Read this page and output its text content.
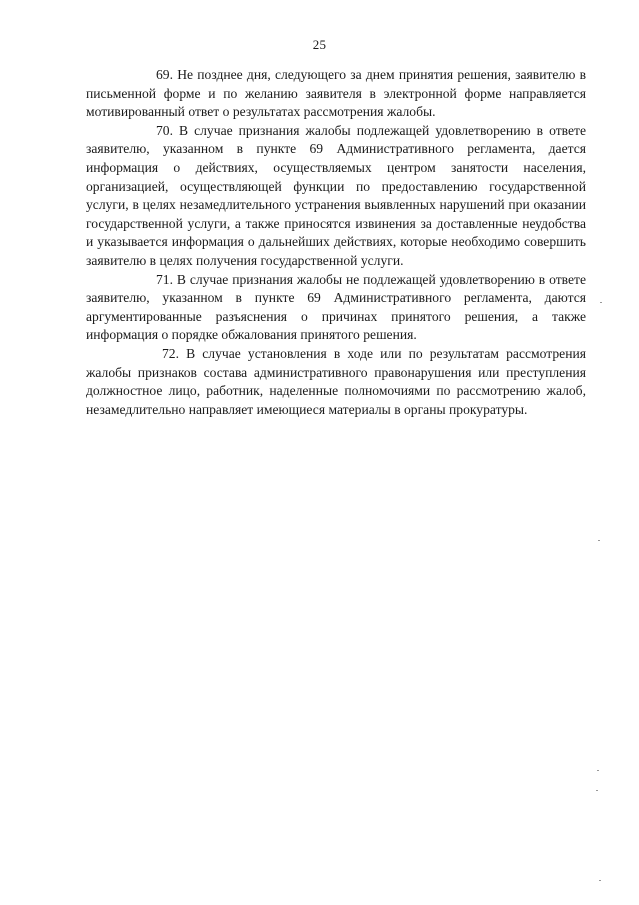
25

69. Не позднее дня, следующего за днем принятия решения, заявителю в письменной форме и по желанию заявителя в электронной форме направляется мотивированный ответ о результатах рассмотрения жалобы.

70. В случае признания жалобы подлежащей удовлетворению в ответе заявителю, указанном в пункте 69 Административного регламента, дается информация о действиях, осуществляемых центром занятости населения, организацией, осуществляющей функции по предоставлению государственной услуги, в целях незамедлительного устранения выявленных нарушений при оказании государственной услуги, а также приносятся извинения за доставленные неудобства и указывается информация о дальнейших действиях, которые необходимо совершить заявителю в целях получения государственной услуги.

71. В случае признания жалобы не подлежащей удовлетворению в ответе заявителю, указанном в пункте 69 Административного регламента, даются аргументированные разъяснения о причинах принятого решения, а также информация о порядке обжалования принятого решения.

72. В случае установления в ходе или по результатам рассмотрения жалобы признаков состава административного правонарушения или преступления должностное лицо, работник, наделенные полномочиями по рассмотрению жалоб, незамедлительно направляет имеющиеся материалы в органы прокуратуры.
